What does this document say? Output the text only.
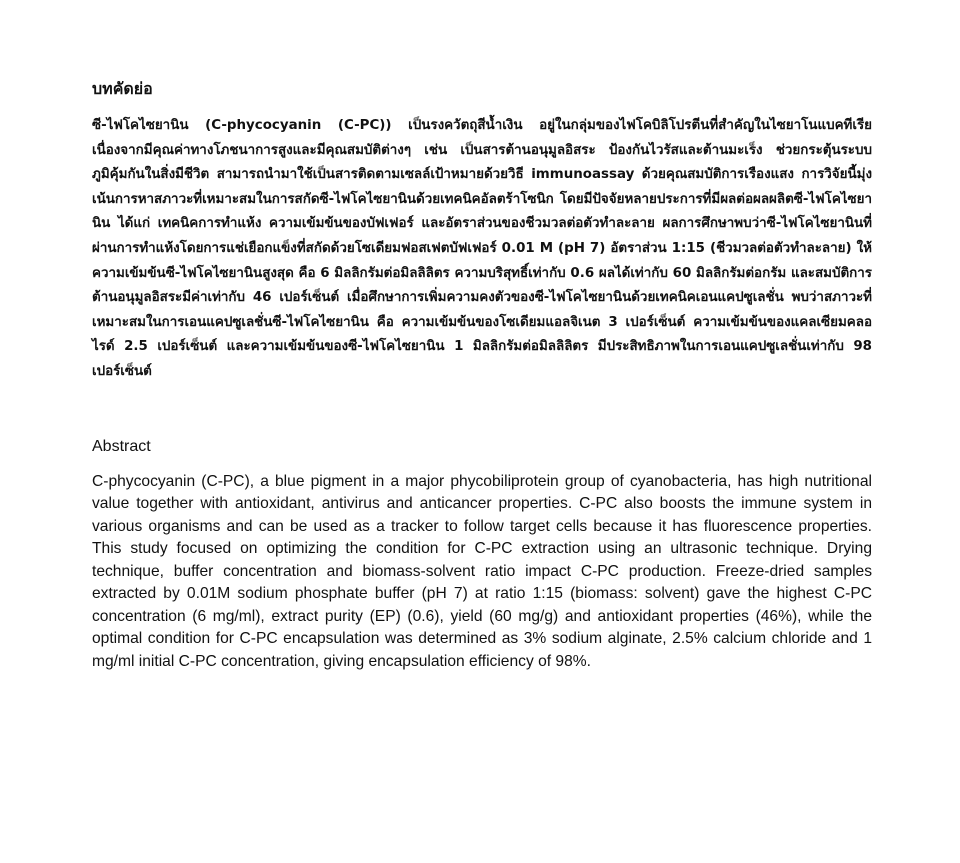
บทคัดย่อ

ซี-ไฟโคไซยานิน (C-phycocyanin (C-PC)) เป็นรงควัตถุสีน้ำเงิน อยู่ในกลุ่มของไฟโคบิลิโปรตีนที่สำคัญในไซยาโนแบคทีเรีย เนื่องจากมีคุณค่าทางโภชนาการสูงและมีคุณสมบัติต่างๆ เช่น เป็นสารต้านอนุมูลอิสระ ป้องกันไวรัสและต้านมะเร็ง ช่วยกระตุ้นระบบภูมิคุ้มกันในสิ่งมีชีวิต สามารถนำมาใช้เป็นสารติดตามเซลล์เป้าหมายด้วยวิธี immunoassay ด้วยคุณสมบัติการเรืองแสง การวิจัยนี้มุ่งเน้นการหาสภาวะที่เหมาะสมในการสกัดซี-ไฟโคไซยานินด้วยเทคนิคอัลตร้าโซนิก โดยมีปัจจัยหลายประการที่มีผลต่อผลผลิตซี-ไฟโคไซยานิน ได้แก่ เทคนิคการทำแห้ง ความเข้มข้นของบัฟเฟอร์ และอัตราส่วนของชีวมวลต่อตัวทำละลาย ผลการศึกษาพบว่าซี-ไฟโคไซยานินที่ผ่านการทำแห้งโดยการแช่เยือกแข็งที่สกัดด้วยโซเดียมฟอสเฟตบัฟเฟอร์ 0.01 M (pH 7) อัตราส่วน 1:15 (ชีวมวลต่อตัวทำละลาย) ให้ความเข้มข้นซี-ไฟโคไซยานินสูงสุด คือ 6 มิลลิกรัมต่อมิลลิลิตร ความบริสุทธิ์เท่ากับ 0.6 ผลได้เท่ากับ 60 มิลลิกรัมต่อกรัม และสมบัติการต้านอนุมูลอิสระมีค่าเท่ากับ 46 เปอร์เซ็นต์ เมื่อศึกษาการเพิ่มความคงตัวของซี-ไฟโคไซยานินด้วยเทคนิคเอนแคปซูเลชั่น พบว่าสภาวะที่เหมาะสมในการเอนแคปซูเลชั่นซี-ไฟโคไซยานิน คือ ความเข้มข้นของโซเดียมแอลจิเนต 3 เปอร์เซ็นต์ ความเข้มข้นของแคลเซียมคลอไรด์ 2.5 เปอร์เซ็นต์ และความเข้มข้นของซี-ไฟโคไซยานิน 1 มิลลิกรัมต่อมิลลิลิตร มีประสิทธิภาพในการเอนแคปซูเลชั่นเท่ากับ 98 เปอร์เซ็นต์

Abstract

C-phycocyanin (C-PC), a blue pigment in a major phycobiliprotein group of cyanobacteria, has high nutritional value together with antioxidant, antivirus and anticancer properties. C-PC also boosts the immune system in various organisms and can be used as a tracker to follow target cells because it has fluorescence properties. This study focused on optimizing the condition for C-PC extraction using an ultrasonic technique. Drying technique, buffer concentration and biomass-solvent ratio impact C-PC production. Freeze-dried samples extracted by 0.01M sodium phosphate buffer (pH 7) at ratio 1:15 (biomass: solvent) gave the highest C-PC concentration (6 mg/ml), extract purity (EP) (0.6), yield (60 mg/g) and antioxidant properties (46%), while the optimal condition for C-PC encapsulation was determined as 3% sodium alginate, 2.5% calcium chloride and 1 mg/ml initial C-PC concentration, giving encapsulation efficiency of 98%.
